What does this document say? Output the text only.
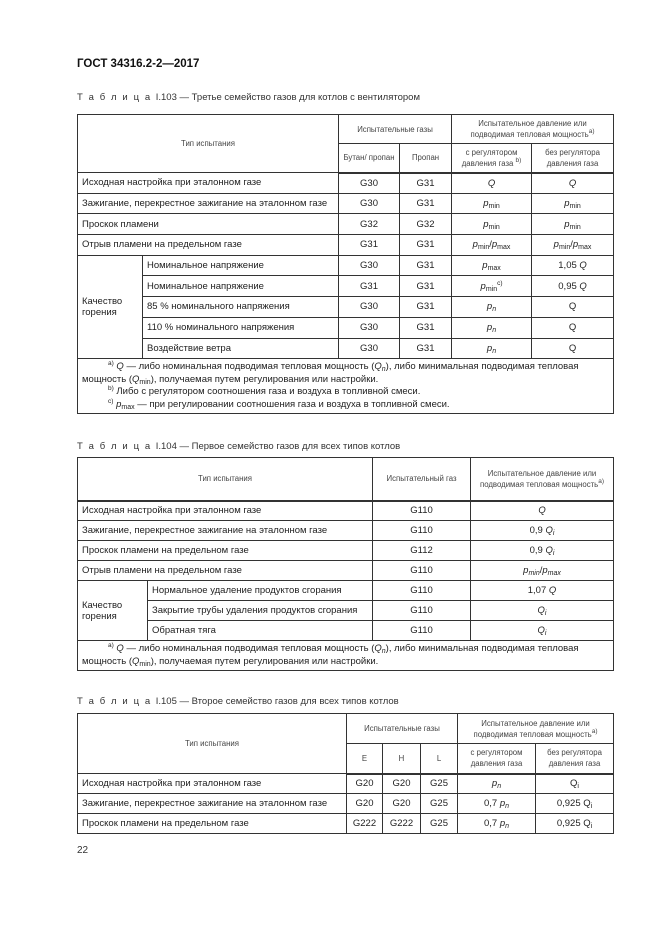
ГОСТ 34316.2-2—2017
Т а б л и ц а I.103 — Третье семейство газов для котлов с вентилятором
Тип испытания		Испытательные газы		Испытательное давление или подводимая тепловая мощность$^{a)}$
		Бутан/ пропан	Пропан	с регулятором давления газа $^{b)}$	без регулятора давления газа
Исходная настройка при эталонном газе		G30	G31	Q	Q
Зажигание, перекрестное зажигание на эталонном газе		G30	G31	$p_{min}$	$p_{min}$
Проскок пламени		G32	G32	$p_{min}$	$p_{min}$
Отрыв пламени на предельном газе		G31	G31	$p_{min}/p_{max}$	$p_{min}/p_{max}$
Качество горения	Номинальное напряжение	G30	G31	$p_{max}$	1,05 Q
	Номинальное напряжение	G31	G31	$p_{min}^{c)}$	0,95 Q
	85 % номинального напряжения	G30	G31	$p_n$	Q
	110 % номинального напряжения	G30	G31	$p_n$	Q
	Воздействие ветра	G30	G31	$p_n$	Q

$^{a)}$ Q — либо номинальная подводимая тепловая мощность $(Q_n)$, либо минимальная подводимая тепловая мощность $(Q_{min})$, получаемая путем регулирования или настройки.
$^{b)}$ Либо с регулятором соотношения газа и воздуха в топливной смеси.
$^{c)}$ $p_{max}$ — при регулировании соотношения газа и воздуха в топливной смеси.					
Т а б л и ц а I.104 — Первое семейство газов для всех типов котлов
Тип испытания		Испытательный газ	Испытательное давление или подводимая тепловая мощность$^{a)}$
Исходная настройка при эталонном газе		G110	Q
Зажигание, перекрестное зажигание на эталонном газе		G110	0,9 $Q_i$
Проскок пламени на предельном газе		G112	0,9 $Q_i$
Отрыв пламени на предельном газе		G110	$p_{min}/p_{max}$
Качество горения	Нормальное удаление продуктов сгорания	G110	1,07 Q
	Закрытие трубы удаления продуктов сгорания	G110	$Q_i$
	Обратная тяга	G110	$Q_i$

$^{a)}$ Q — либо номинальная подводимая тепловая мощность $(Q_n)$, либо минимальная подводимая тепловая мощность $(Q_{min})$, получаемая путем регулирования или настройки.			
Т а б л и ц а I.105 — Второе семейство газов для всех типов котлов
Тип испытания	Испытательные газы			Испытательное давление или подводимая тепловая мощность$^{a)}$
	E	H	L	с регулятором давления газа	без регулятора давления газа
Исходная настройка при эталонном газе	G20	G20	G25	$p_n$	$Q_i$
Зажигание, перекрестное зажигание на эталонном газе	G20	G20	G25	0,7 $p_n$	0,925 $Q_i$
Проскок пламени на предельном газе	G222	G222	G25	0,7 $p_n$	0,925 $Q_i$
22
